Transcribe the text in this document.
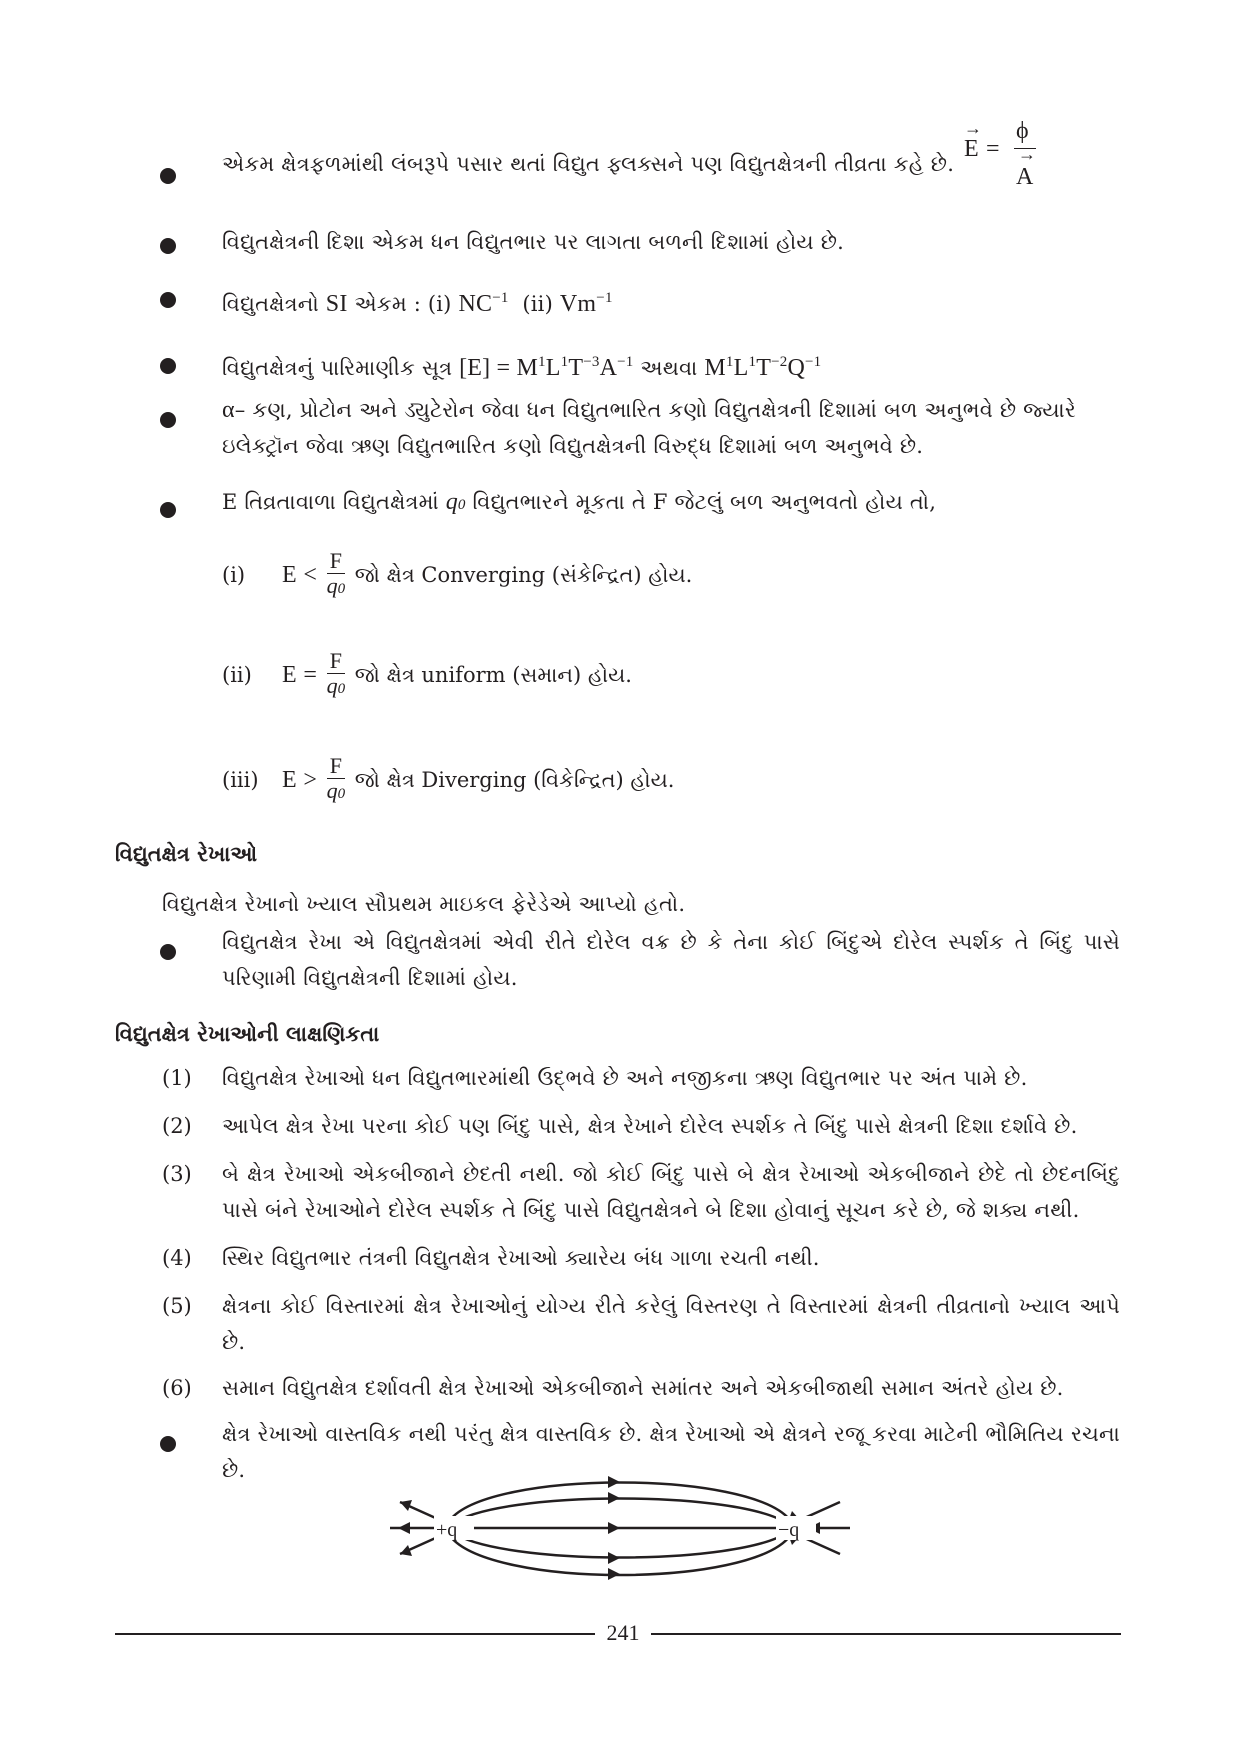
એકમ ક્ષેત્રફળમાંથી લંબરૂપે પસાર થતાં વિદ્યુત ફ્લક્સને પણ વિદ્યુતક્ષેત્રની તીવ્રતા કહે છે.
→
E =
ϕ
→
A
વિદ્યુતક્ષેત્રની દિશા એકમ ધન વિદ્યુતભાર પર લાગતા બળની દિશામાં હોય છે.
વિદ્યુતક્ષેત્રનો SI એકમ : (i) $NC^{-1}$ (ii) $Vm^{-1}$
વિદ્યુતક્ષેત્રનું પારિમાણીક સૂત્ર $[E] = M^1L^1T^{-3}A^{-1}$ અથવા $M^1L^1T^{-2}Q^{-1}$
α– કણ, પ્રોટોન અને ડ્યુટેરોન જેવા ધન વિદ્યુતભારિત કણો વિદ્યુતક્ષેત્રની દિશામાં બળ અનુભવે છે જ્યારે
ઇલેક્ટ્રૉન જેવા ઋણ વિદ્યુતભારિત કણો વિદ્યુતક્ષેત્રની વિરુદ્ધ દિશામાં બળ અનુભવે છે.
E તિવ્રતાવાળા વિદ્યુતક્ષેત્રમાં q0 વિદ્યુતભારને મૂકતા તે F જેટલું બળ અનુભવતો હોય તો,
(i)	E
<
$\frac{F}{q0}$
જો ક્ષેત્ર Converging (સંકેન્દ્રિત) હોય.
(ii)	E
=
$\frac{F}{q0}$
જો ક્ષેત્ર uniform (સમાન) હોય.
(iii) E
>
$\frac{F}{q0}$
જો ક્ષેત્ર Diverging (વિકેન્દ્રિત) હોય.
વિદ્યુતક્ષેત્ર રેખાઓ
વિદ્યુતક્ષેત્ર રેખાનો ખ્યાલ સૌપ્રથમ માઇકલ ફેરેડેએ આપ્યો હતો.
વિદ્યુતક્ષેત્ર રેખા એ વિદ્યુતક્ષેત્રમાં એવી રીતે દોરેલ વક્ર છે કે તેના કોઈ બિંદુએ દોરેલ સ્પર્શક તે બિંદુ પાસે પરિણામી વિદ્યુતક્ષેત્રની દિશામાં હોય.
વિદ્યુતક્ષેત્ર રેખાઓની લાક્ષણિકતા
(1) વિદ્યુતક્ષેત્ર રેખાઓ ધન વિદ્યુતભારમાંથી ઉદ્ભવે છે અને નજીકના ઋણ વિદ્યુતભાર પર અંત પામે છે.
(2) આપેલ ક્ષેત્ર રેખા પરના કોઈ પણ બિંદુ પાસે, ક્ષેત્ર રેખાને દોરેલ સ્પર્શક તે બિંદુ પાસે ક્ષેત્રની દિશા દર્શાવે છે.
(3) બે ક્ષેત્ર રેખાઓ એકબીજાને છેદતી નથી. જો કોઈ બિંદુ પાસે બે ક્ષેત્ર રેખાઓ એકબીજાને છેદે તો છેદનબિંદુ પાસે બંને રેખાઓને દોરેલ સ્પર્શક તે બિંદુ પાસે વિદ્યુતક્ષેત્રને બે દિશા હોવાનું સૂચન કરે છે, જે શક્ય નથી.
(4) સ્થિર વિદ્યુતભાર તંત્રની વિદ્યુતક્ષેત્ર રેખાઓ ક્યારેય બંધ ગાળા રચતી નથી.
(5) ક્ષેત્રના કોઈ વિસ્તારમાં ક્ષેત્ર રેખાઓનું યોગ્ય રીતે કરેલું વિસ્તરણ તે વિસ્તારમાં ક્ષેત્રની તીવ્રતાનો ખ્યાલ આપે છે.
(6) સમાન વિદ્યુતક્ષેત્ર દર્શાવતી ક્ષેત્ર રેખાઓ એકબીજાને સમાંતર અને એકબીજાથી સમાન અંતરે હોય છે.
ક્ષેત્ર રેખાઓ વાસ્તવિક નથી પરંતુ ક્ષેત્ર વાસ્તવિક છે. ક્ષેત્ર રેખાઓ એ ક્ષેત્રને રજૂ કરવા માટેની ભૌમિતિય રચના છે.
+q	−q
241
